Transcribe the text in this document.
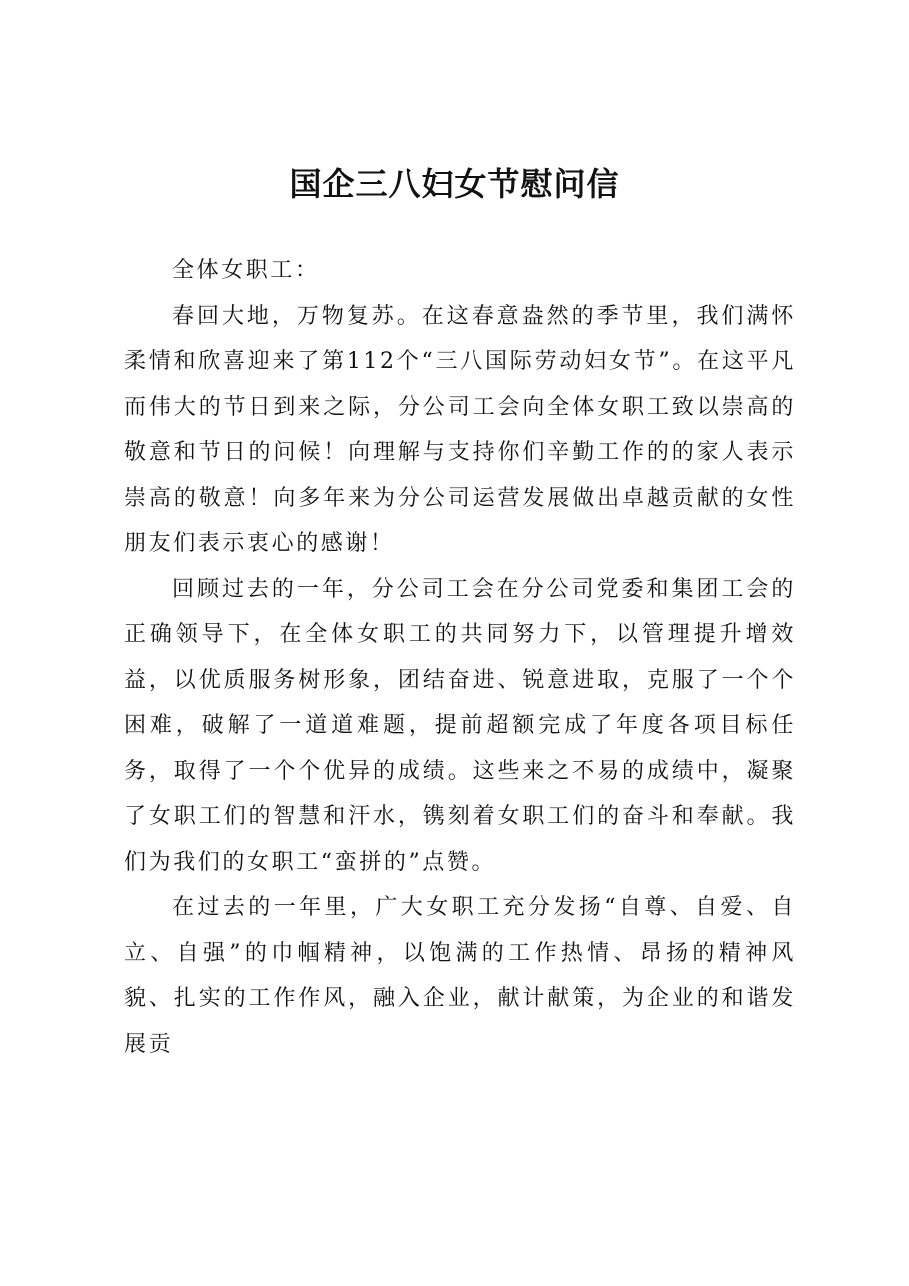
国企三八妇女节慰问信

全体女职工：

春回大地，万物复苏。在这春意盎然的季节里，我们满怀柔情和欣喜迎来了第112个“三八国际劳动妇女节”。在这平凡而伟大的节日到来之际，分公司工会向全体女职工致以崇高的敬意和节日的问候！向理解与支持你们辛勤工作的的家人表示崇高的敬意！向多年来为分公司运营发展做出卓越贡献的女性朋友们表示衷心的感谢！

回顾过去的一年，分公司工会在分公司党委和集团工会的正确领导下，在全体女职工的共同努力下，以管理提升增效益，以优质服务树形象，团结奋进、锐意进取，克服了一个个困难，破解了一道道难题，提前超额完成了年度各项目标任务，取得了一个个优异的成绩。这些来之不易的成绩中，凝聚了女职工们的智慧和汗水，镌刻着女职工们的奋斗和奉献。我们为我们的女职工“蛮拼的”点赞。

在过去的一年里，广大女职工充分发扬“自尊、自爱、自立、自强”的巾帼精神，以饱满的工作热情、昂扬的精神风貌、扎实的工作作风，融入企业，献计献策，为企业的和谐发展贡
